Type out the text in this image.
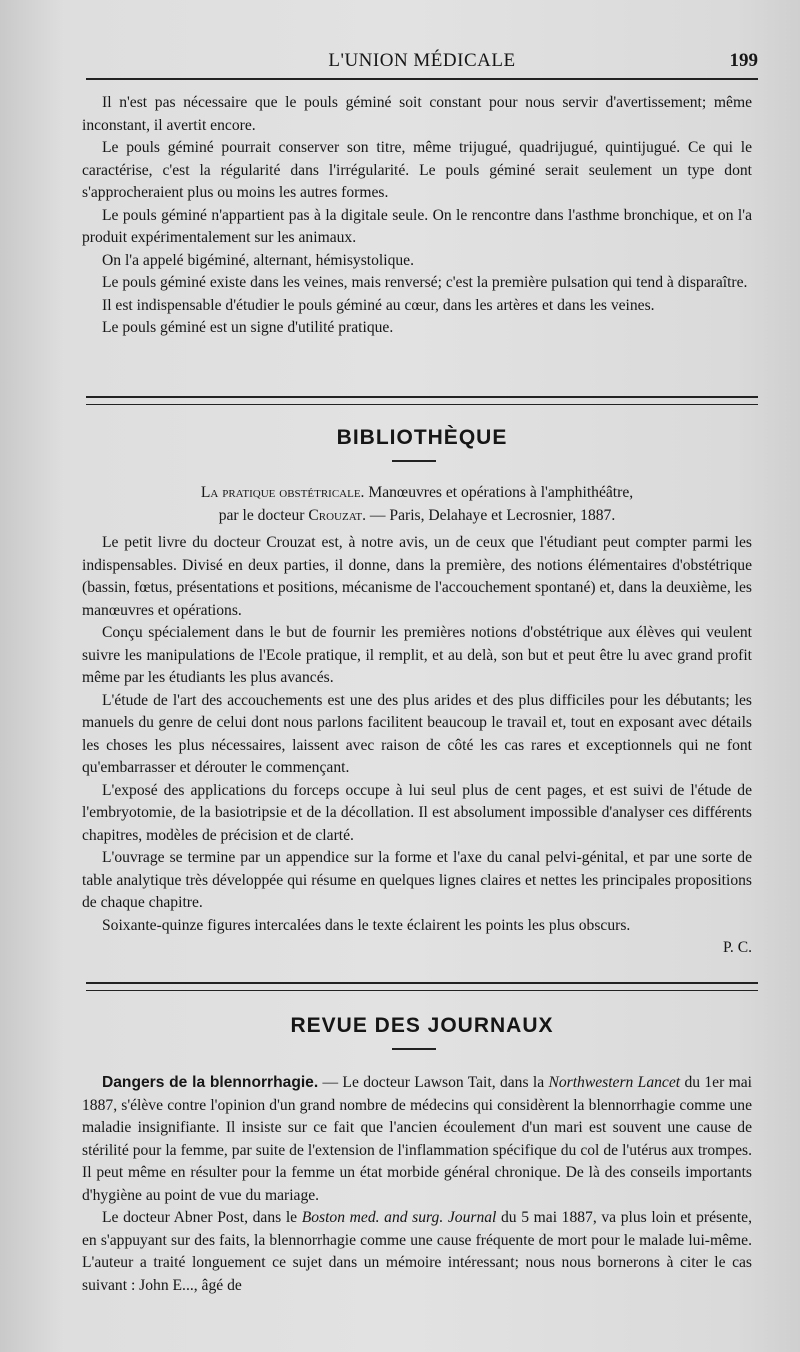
L'UNION MÉDICALE	199

Il n'est pas nécessaire que le pouls géminé soit constant pour nous servir d'avertissement; même inconstant, il avertit encore.

Le pouls géminé pourrait conserver son titre, même trijugué, quadrijugué, quintijugué. Ce qui le caractérise, c'est la régularité dans l'irrégularité. Le pouls géminé serait seulement un type dont s'approcheraient plus ou moins les autres formes.

Le pouls géminé n'appartient pas à la digitale seule. On le rencontre dans l'asthme bronchique, et on l'a produit expérimentalement sur les animaux.

On l'a appelé bigéminé, alternant, hémisystolique.

Le pouls géminé existe dans les veines, mais renversé; c'est la première pulsation qui tend à disparaître.

Il est indispensable d'étudier le pouls géminé au cœur, dans les artères et dans les veines.

Le pouls géminé est un signe d'utilité pratique.

BIBLIOTHÈQUE
La pratique obstétricale. Manœuvres et opérations à l'amphithéâtre,
par le docteur Crouzat. — Paris, Delahaye et Lecrosnier, 1887.

Le petit livre du docteur Crouzat est, à notre avis, un de ceux que l'étudiant peut compter parmi les indispensables. Divisé en deux parties, il donne, dans la première, des notions élémentaires d'obstétrique (bassin, fœtus, présentations et positions, mécanisme de l'accouchement spontané) et, dans la deuxième, les manœuvres et opérations.

Conçu spécialement dans le but de fournir les premières notions d'obstétrique aux élèves qui veulent suivre les manipulations de l'Ecole pratique, il remplit, et au delà, son but et peut être lu avec grand profit même par les étudiants les plus avancés.

L'étude de l'art des accouchements est une des plus arides et des plus difficiles pour les débutants; les manuels du genre de celui dont nous parlons facilitent beaucoup le travail et, tout en exposant avec détails les choses les plus nécessaires, laissent avec raison de côté les cas rares et exceptionnels qui ne font qu'embarrasser et dérouter le commençant.

L'exposé des applications du forceps occupe à lui seul plus de cent pages, et est suivi de l'étude de l'embryotomie, de la basiotripsie et de la décollation. Il est absolument impossible d'analyser ces différents chapitres, modèles de précision et de clarté.

L'ouvrage se termine par un appendice sur la forme et l'axe du canal pelvi-génital, et par une sorte de table analytique très développée qui résume en quelques lignes claires et nettes les principales propositions de chaque chapitre.

Soixante-quinze figures intercalées dans le texte éclairent les points les plus obscurs.

P. C.

REVUE DES JOURNAUX

Dangers de la blennorrhagie. — Le docteur Lawson Tait, dans la Northwestern Lancet du 1er mai 1887, s'élève contre l'opinion d'un grand nombre de médecins qui considèrent la blennorrhagie comme une maladie insignifiante. Il insiste sur ce fait que l'ancien écoulement d'un mari est souvent une cause de stérilité pour la femme, par suite de l'extension de l'inflammation spécifique du col de l'utérus aux trompes. Il peut même en résulter pour la femme un état morbide général chronique. De là des conseils importants d'hygiène au point de vue du mariage.

Le docteur Abner Post, dans le Boston med. and surg. Journal du 5 mai 1887, va plus loin et présente, en s'appuyant sur des faits, la blennorrhagie comme une cause fréquente de mort pour le malade lui-même. L'auteur a traité longuement ce sujet dans un mémoire intéressant; nous nous bornerons à citer le cas suivant : John E..., âgé de
